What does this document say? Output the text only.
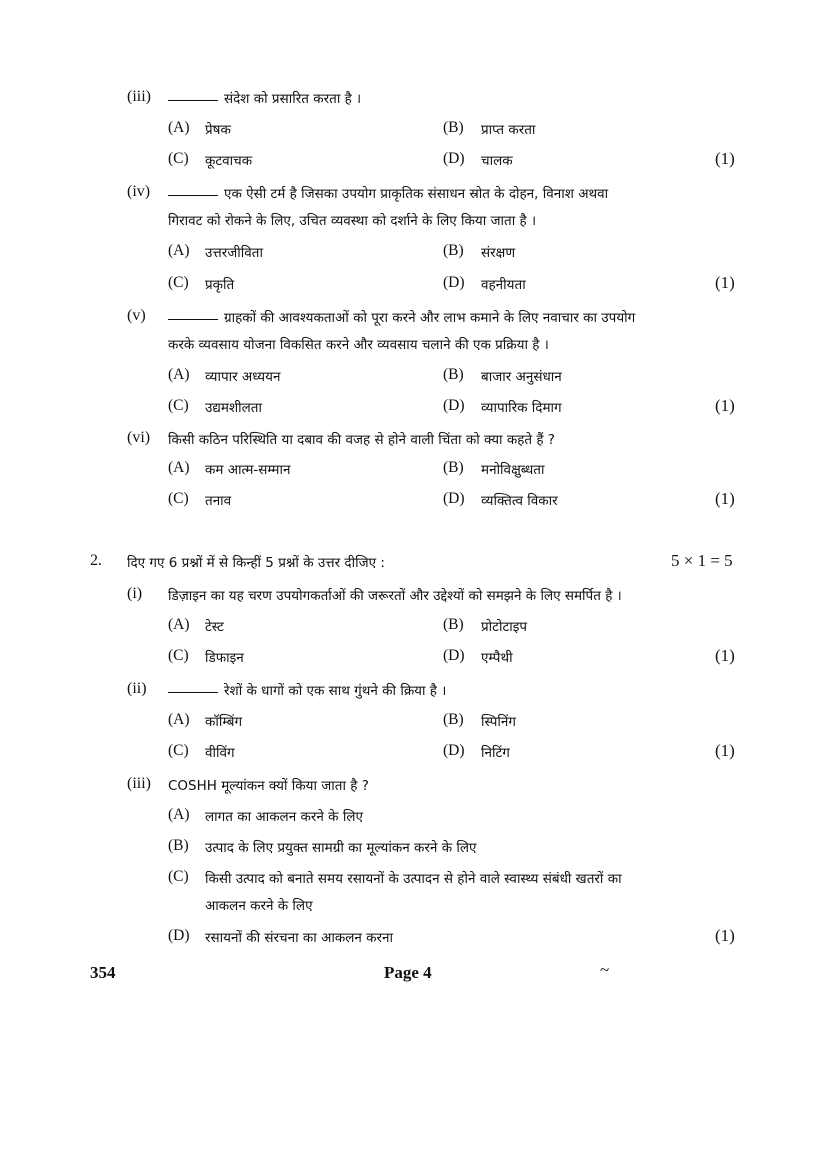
(iii)	संदेश को प्रसारित करता है ।
(A) प्रेषक	(B) प्राप्त करता
(C) कूटवाचक	(D) चालक	(1)
(iv)	एक ऐसी टर्म है जिसका उपयोग प्राकृतिक संसाधन स्रोत के दोहन, विनाश अथवा
गिरावट को रोकने के लिए, उचित व्यवस्था को दर्शाने के लिए किया जाता है ।
(A) उत्तरजीविता	(B) संरक्षण
(C) प्रकृति	(D) वहनीयता	(1)
(v)	ग्राहकों की आवश्यकताओं को पूरा करने और लाभ कमाने के लिए नवाचार का उपयोग
करके व्यवसाय योजना विकसित करने और व्यवसाय चलाने की एक प्रक्रिया है ।
(A) व्यापार अध्ययन	(B) बाजार अनुसंधान
(C) उद्यमशीलता	(D) व्यापारिक दिमाग	(1)
(vi) किसी कठिन परिस्थिति या दबाव की वजह से होने वाली चिंता को क्या कहते हैं ?
(A) कम आत्म-सम्मान	(B) मनोविक्षुब्धता
(C) तनाव	(D) व्यक्तित्व विकार	(1)
2. दिए गए 6 प्रश्नों में से किन्हीं 5 प्रश्नों के उत्तर दीजिए :	5 × 1 = 5
(i) डिज़ाइन का यह चरण उपयोगकर्ताओं की जरूरतों और उद्देश्यों को समझने के लिए समर्पित है ।
(A) टेस्ट	(B) प्रोटोटाइप
(C) डिफाइन	(D) एम्पैथी	(1)
(ii)	रेशों के धागों को एक साथ गुंथने की क्रिया है ।
(A) कॉम्बिंग	(B) स्पिनिंग
(C) वीविंग	(D) निटिंग	(1)
(iii) COSHH मूल्यांकन क्यों किया जाता है ?
(A) लागत का आकलन करने के लिए
(B) उत्पाद के लिए प्रयुक्त सामग्री का मूल्यांकन करने के लिए
(C) किसी उत्पाद को बनाते समय रसायनों के उत्पादन से होने वाले स्वास्थ्य संबंधी खतरों का
आकलन करने के लिए
(D) रसायनों की संरचना का आकलन करना	(1)
354	Page 4	~
